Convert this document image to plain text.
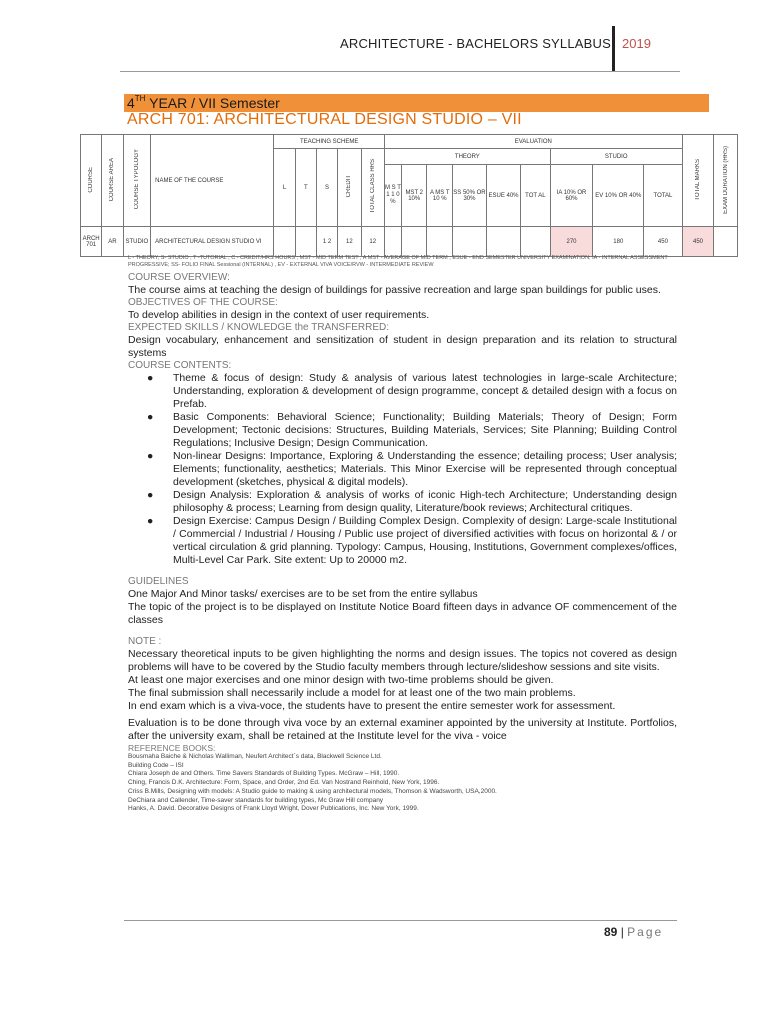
ARCHITECTURE - BACHELORS SYLLABUS 2019
4TH YEAR / VII Semester
ARCH 701: ARCHITECTURAL DESIGN STUDIO – VII
COURSE	COURSE AREA	COURSE TYPOLOGY	NAME OF THE COURSE	TEACHING SCHEME					EVALUATION									TOTAL MARKS	EXAM DURATION (HRS)
				L	T	S	CREDIT	TOTAL CLASS HRS	THEORY						STUDIO				
									M S T 1 1 0 %	MST 2 10%	A MS T 10 %	SS 50% OR 30%	ESUE 40%	TOT AL	IA 10% OR 60%	EV 10% OR 40%	TOTAL		
ARCH 701	AR	STUDIO	ARCHITECTURAL DESIGN STUDIO VI			1 2	12	12							270	180	450	450	
L - THEORY, S- STUDIO , T -TUTORIAL , C - CREDIT/HRS HOURS ; MST - MID TERM TEST , A MST - AVERAGE OF MID TERM , ESUE - END SEMESTER UNIVERSITY EXAMINATION; IA - INTERNAL ASSESSMENT PROGRESSIVE; SS- FOLIO FINAL Sessional (INTERNAL) , EV - EXTERNAL VIVA VOICE/RVW - INTERMEDIATE REVIEW
COURSE OVERVIEW:
The course aims at teaching the design of buildings for passive recreation and large span buildings for public uses.
OBJECTIVES OF THE COURSE:
To develop abilities in design in the context of user requirements.
EXPECTED SKILLS / KNOWLEDGE the TRANSFERRED:
Design vocabulary, enhancement and sensitization of student in design preparation and its relation to structural systems
COURSE CONTENTS:
● Theme & focus of design: Study & analysis of various latest technologies in large-scale Architecture; Understanding, exploration & development of design programme, concept & detailed design with a focus on Prefab.
● Basic Components: Behavioral Science; Functionality; Building Materials; Theory of Design; Form Development; Tectonic decisions: Structures, Building Materials, Services; Site Planning; Building Control Regulations; Inclusive Design; Design Communication.
● Non-linear Designs: Importance, Exploring & Understanding the essence; detailing process; User analysis; Elements; functionality, aesthetics; Materials. This Minor Exercise will be represented through conceptual development (sketches, physical & digital models).
● Design Analysis: Exploration & analysis of works of iconic High-tech Architecture; Understanding design philosophy & process; Learning from design quality, Literature/book reviews; Architectural critiques.
● Design Exercise: Campus Design / Building Complex Design. Complexity of design: Large-scale Institutional / Commercial / Industrial / Housing / Public use project of diversified activities with focus on horizontal & / or vertical circulation & grid planning. Typology: Campus, Housing, Institutions, Government complexes/offices, Multi-Level Car Park. Site extent: Up to 20000 m2.
GUIDELINES
One Major And Minor tasks/ exercises are to be set from the entire syllabus
The topic of the project is to be displayed on Institute Notice Board fifteen days in advance OF commencement of the classes
NOTE :
Necessary theoretical inputs to be given highlighting the norms and design issues. The topics not covered as design problems will have to be covered by the Studio faculty members through lecture/slideshow sessions and site visits.
At least one major exercises and one minor design with two-time problems should be given.
The final submission shall necessarily include a model for at least one of the two main problems.
In end exam which is a viva-voce, the students have to present the entire semester work for assessment.
Evaluation is to be done through viva voce by an external examiner appointed by the university at Institute. Portfolios, after the university exam, shall be retained at the Institute level for the viva - voice
REFERENCE BOOKS:
Bousmaha Baiche & Nicholas Walliman, Neufert Architect`s data, Blackwell Science Ltd.
Building Code – ISI
Chiara Joseph de and Others. Time Savers Standards of Building Types. McGraw – Hill, 1990.
Ching, Francis D.K. Architecture: Form, Space, and Order, 2nd Ed. Van Nostrand Reinhold, New York, 1996.
Criss B.Mills, Designing with models: A Studio guide to making & using architectural models, Thomson & Wadsworth, USA,2000.
DeChiara and Callender, Time-saver standards for building types, Mc Graw Hill company
Hanks, A. David. Decorative Designs of Frank Lloyd Wright, Dover Publications, Inc. New York, 1999.
89 | Page
